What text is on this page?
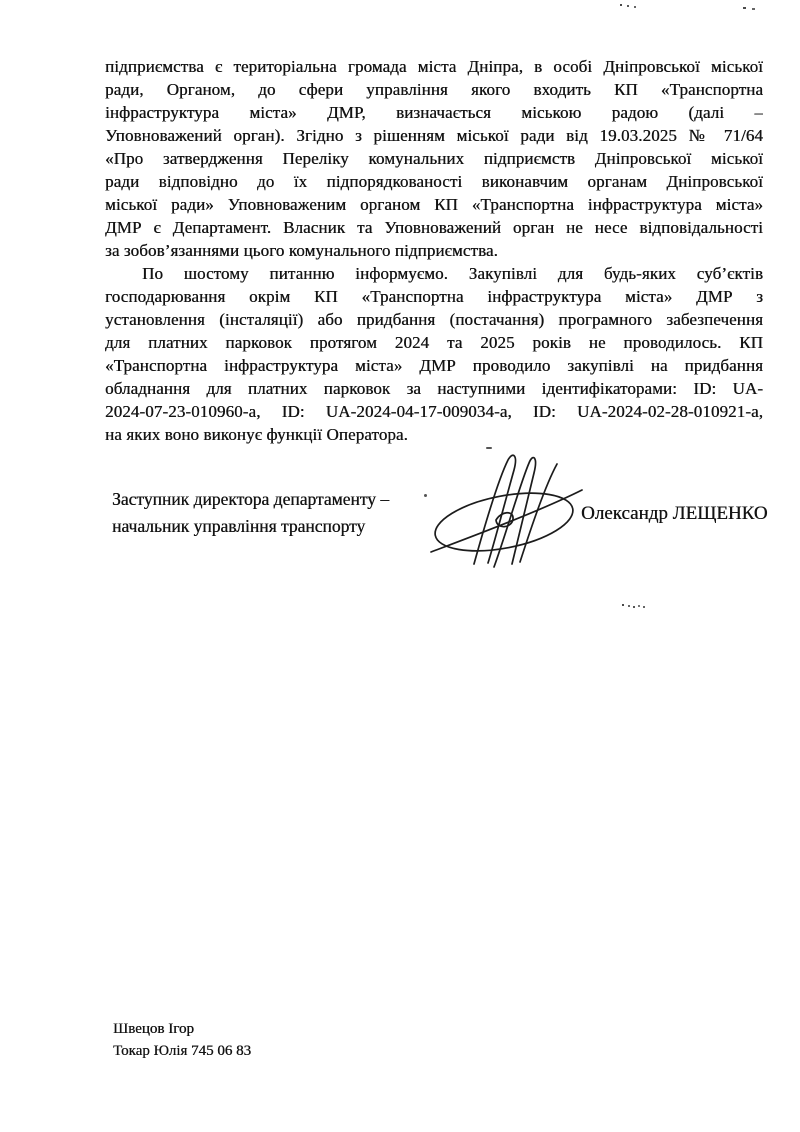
підприємства є територіальна громада міста Дніпра, в особі Дніпровської міської
ради, Органом, до сфери управління якого входить КП «Транспортна
інфраструктура міста» ДМР, визначається міською радою (далі –
Уповноважений орган). Згідно з рішенням міської ради від 19.03.2025 № 71/64
«Про затвердження Переліку комунальних підприємств Дніпровської міської
ради відповідно до їх підпорядкованості виконавчим органам Дніпровської
міської ради» Уповноваженим органом КП «Транспортна інфраструктура міста»
ДМР є Департамент. Власник та Уповноважений орган не несе відповідальності
за зобов’язаннями цього комунального підприємства.
По шостому питанню інформуємо. Закупівлі для будь-яких суб’єктів
господарювання окрім КП «Транспортна інфраструктура міста» ДМР з
установлення (інсталяції) або придбання (постачання) програмного забезпечення
для платних парковок протягом 2024 та 2025 років не проводилось. КП
«Транспортна інфраструктура міста» ДМР проводило закупівлі на придбання
обладнання для платних парковок за наступними ідентифікаторами: ID: UA-
2024-07-23-010960-a, ID: UA-2024-04-17-009034-a, ID: UA-2024-02-28-010921-a,
на яких воно виконує функції Оператора.
Заступник директора департаменту –
начальник управління транспорту
Олександр ЛЕЩЕНКО
Швецов Ігор
Токар Юлія 745 06 83
